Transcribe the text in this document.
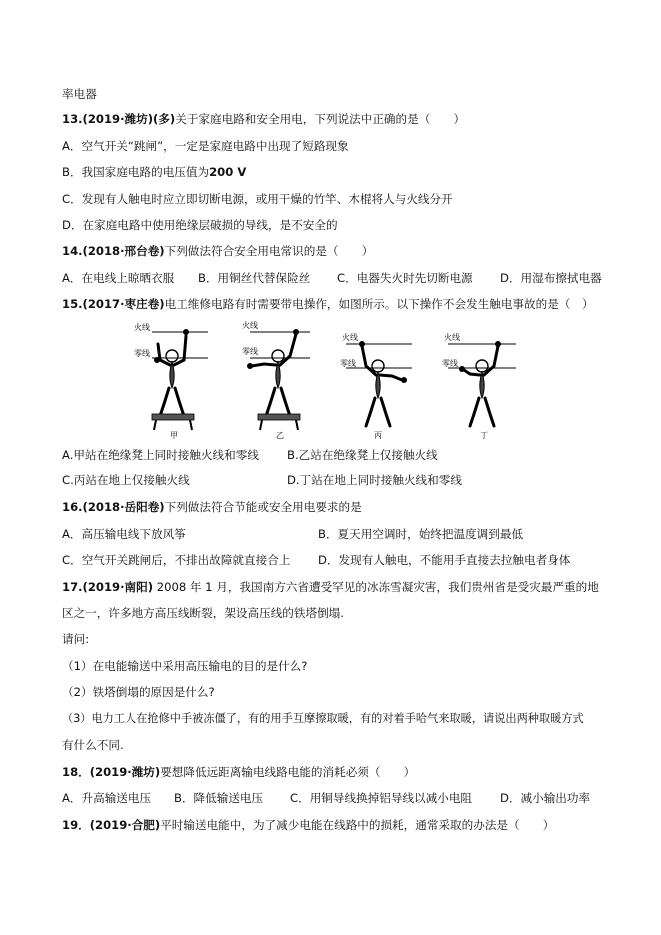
率电器
13.(2019·潍坊)(多)关于家庭电路和安全用电，下列说法中正确的是（　　）
A．空气开关“跳闸”，一定是家庭电路中出现了短路现象
B．我国家庭电路的电压值为200 V
C．发现有人触电时应立即切断电源，或用干燥的竹竿、木棍将人与火线分开
D．在家庭电路中使用绝缘层破损的导线，是不安全的
14.(2018·邢台卷)下列做法符合安全用电常识的是（　　）
A．在电线上晾晒衣服 B．用铜丝代替保险丝 C．电器失火时先切断电源 D．用湿布擦拭电器
15.(2017·枣庄卷)电工维修电路有时需要带电操作，如图所示。以下操作不会发生触电事故的是（　）
火线
零线
甲
火线
零线
乙
火线
零线
丙
火线
零线
丁
A.甲站在绝缘凳上同时接触火线和零线 B.乙站在绝缘凳上仅接触火线
C.丙站在地上仅接触火线	D.丁站在地上同时接触火线和零线
16.(2018·岳阳卷)下列做法符合节能或安全用电要求的是
A．高压输电线下放风筝	B．夏天用空调时，始终把温度调到最低
C．空气开关跳闸后，不排出故障就直接合上 D．发现有人触电，不能用手直接去拉触电者身体
17.(2019·南阳) 2008 年 1 月，我国南方六省遭受罕见的冰冻雪凝灾害，我们贵州省是受灾最严重的地
区之一，许多地方高压线断裂，架设高压线的铁塔倒塌.
请问:
（1）在电能输送中采用高压输电的目的是什么?
（2）铁塔倒塌的原因是什么?
（3）电力工人在抢修中手被冻僵了，有的用手互摩擦取暖，有的对着手哈气来取暖，请说出两种取暖方式
有什么不同.
18．(2019·潍坊)要想降低远距离输电线路电能的消耗必须（　　）
A．升高输送电压 B．降低输送电压 C．用铜导线换掉铝导线以减小电阻 D．减小输出功率
19．(2019·合肥)平时输送电能中，为了减少电能在线路中的损耗，通常采取的办法是（　　）
